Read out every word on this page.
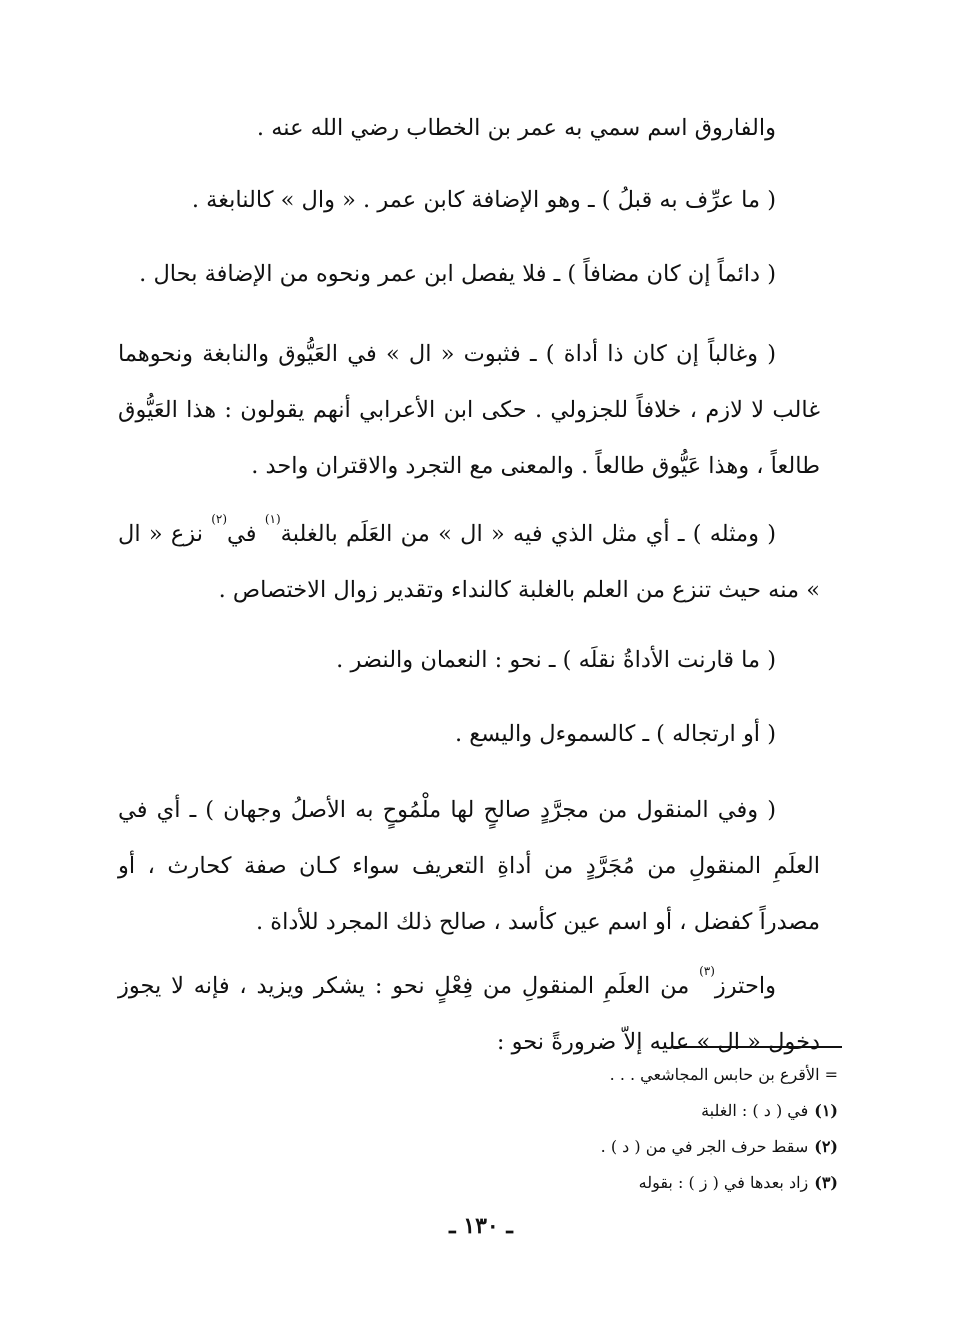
والفاروق اسم سمي به عمر بن الخطاب رضي الله عنه .

( ما عرِّف به قبلُ ) ـ وهو الإضافة كابن عمر . « وال » كالنابغة .

( دائماً إن كان مضافاً ) ـ فلا يفصل ابن عمر ونحوه من الإضافة بحال .

( وغالباً إن كان ذا أداة ) ـ فثبوت « ال » في العَيُّوق والنابغة ونحوهما غالب لا لازم ، خلافاً للجزولي . حكى ابن الأعرابي أنهم يقولون : هذا العَيُّوق طالعاً ، وهذا عَيُّوق طالعاً . والمعنى مع التجرد والاقتران واحد .

( ومثله ) ـ أي مثل الذي فيه « ال » من العَلَم بالغلبة$^{(١)}$ في$^{(٢)}$ نزع « ال » منه حيث تنزع من العلم بالغلبة كالنداء وتقدير زوال الاختصاص .

( ما قارنت الأداةُ نقلَه ) ـ نحو : النعمان والنضر .

( أو ارتجاله ) ـ كالسموءل واليسع .

( وفي المنقول من مجرَّدٍ صالحٍ لها ملْمُوحٍ به الأصلُ وجهان ) ـ أي في العلَمِ المنقولِ من مُجَرَّدٍ من أداةِ التعريف سواء كـان صفة كحارث ، أو مصدراً كفضل ، أو اسم عين كأسد ، صالح ذلك المجرد للأداة .

واحترز$^{(٣)}$ من العلَمِ المنقولِ من فِعْلٍ نحو : يشكر ويزيد ، فإنه لا يجوز دخول « ال » عليه إلاّ ضرورةً نحو :

= الأقرع بن حابس المجاشعي . . .
(١)في ( د ) : الغلبة
(٢)سقط حرف الجر في من ( د ) .
(٣)زاد بعدها في ( ز ) : بقوله
ـ ١٣٠ ـ
